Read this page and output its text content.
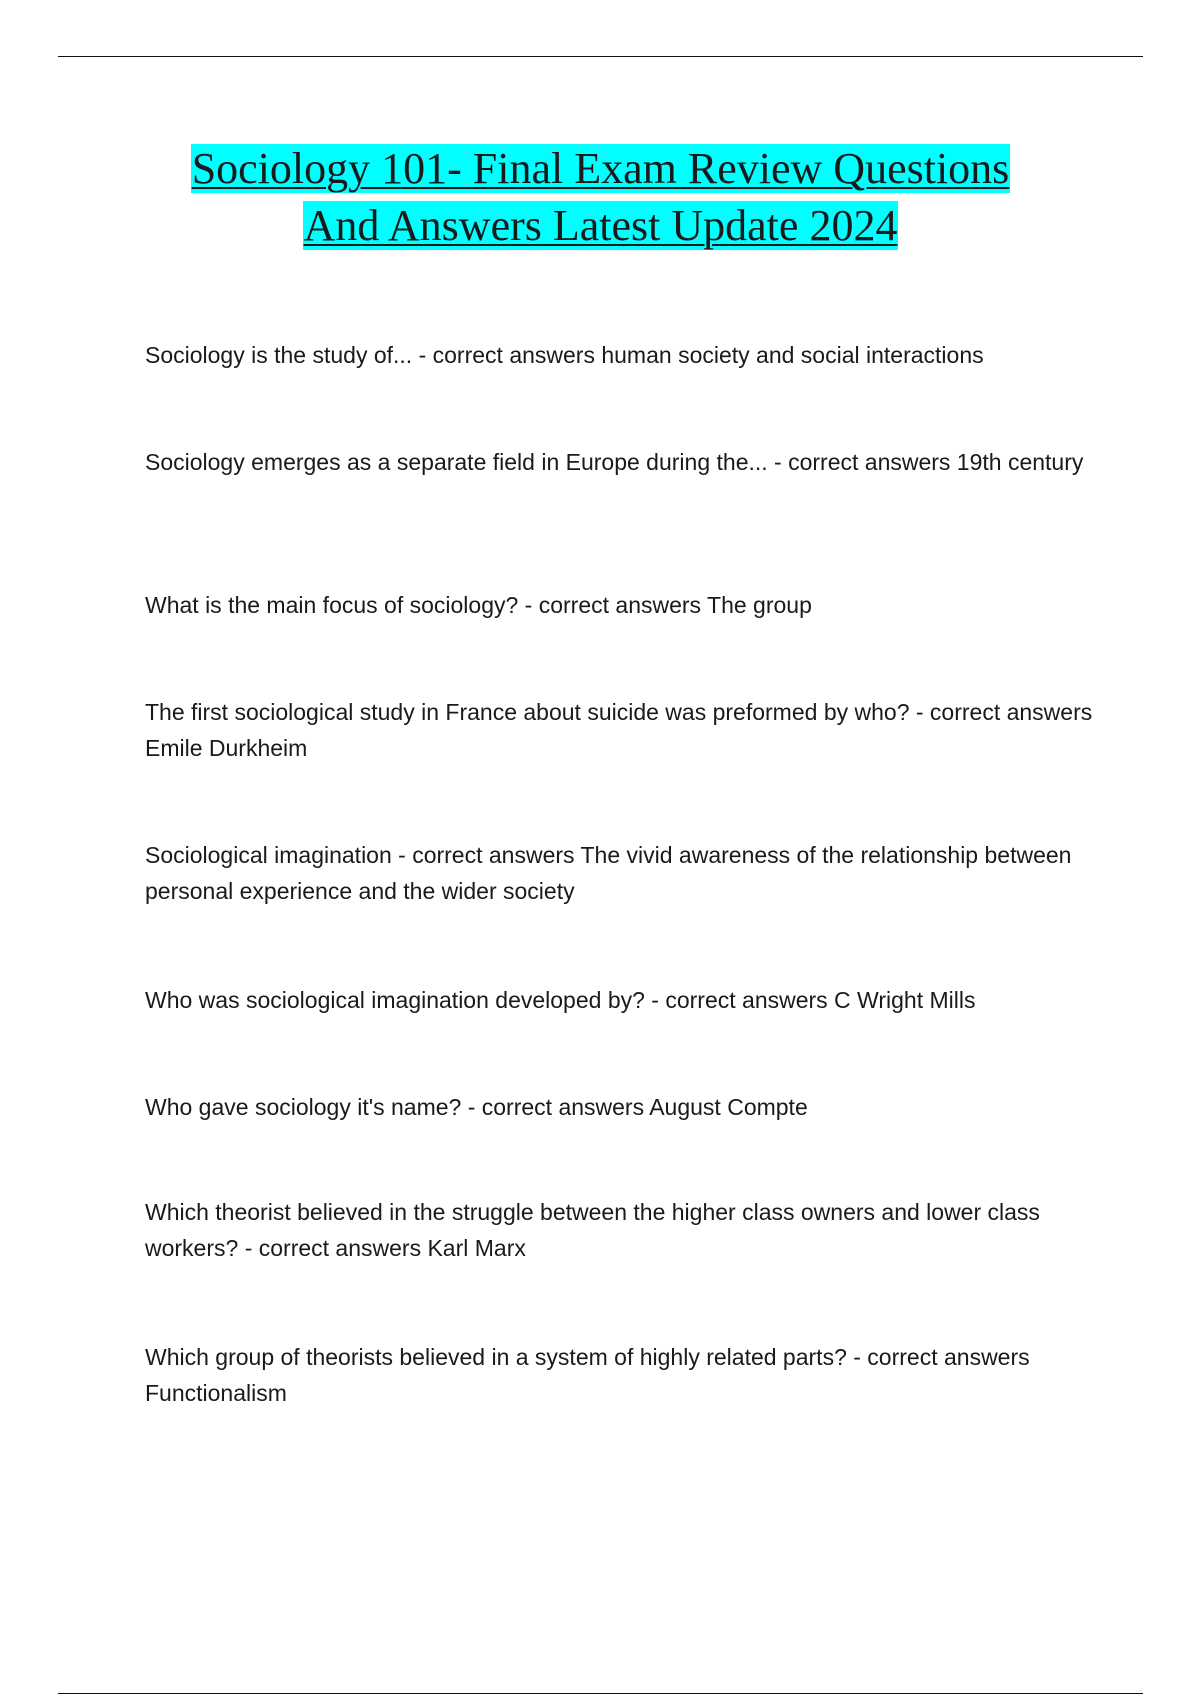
Sociology 101- Final Exam Review Questions
And Answers Latest Update 2024
Sociology is the study of... - correct answers human society and social interactions
Sociology emerges as a separate field in Europe during the... - correct answers 19th century
What is the main focus of sociology? - correct answers The group
The first sociological study in France about suicide was preformed by who? - correct answers Emile Durkheim
Sociological imagination - correct answers The vivid awareness of the relationship between personal experience and the wider society
Who was sociological imagination developed by? - correct answers C Wright Mills
Who gave sociology it's name? - correct answers August Compte
Which theorist believed in the struggle between the higher class owners and lower class workers? - correct answers Karl Marx
Which group of theorists believed in a system of highly related parts? - correct answers Functionalism
